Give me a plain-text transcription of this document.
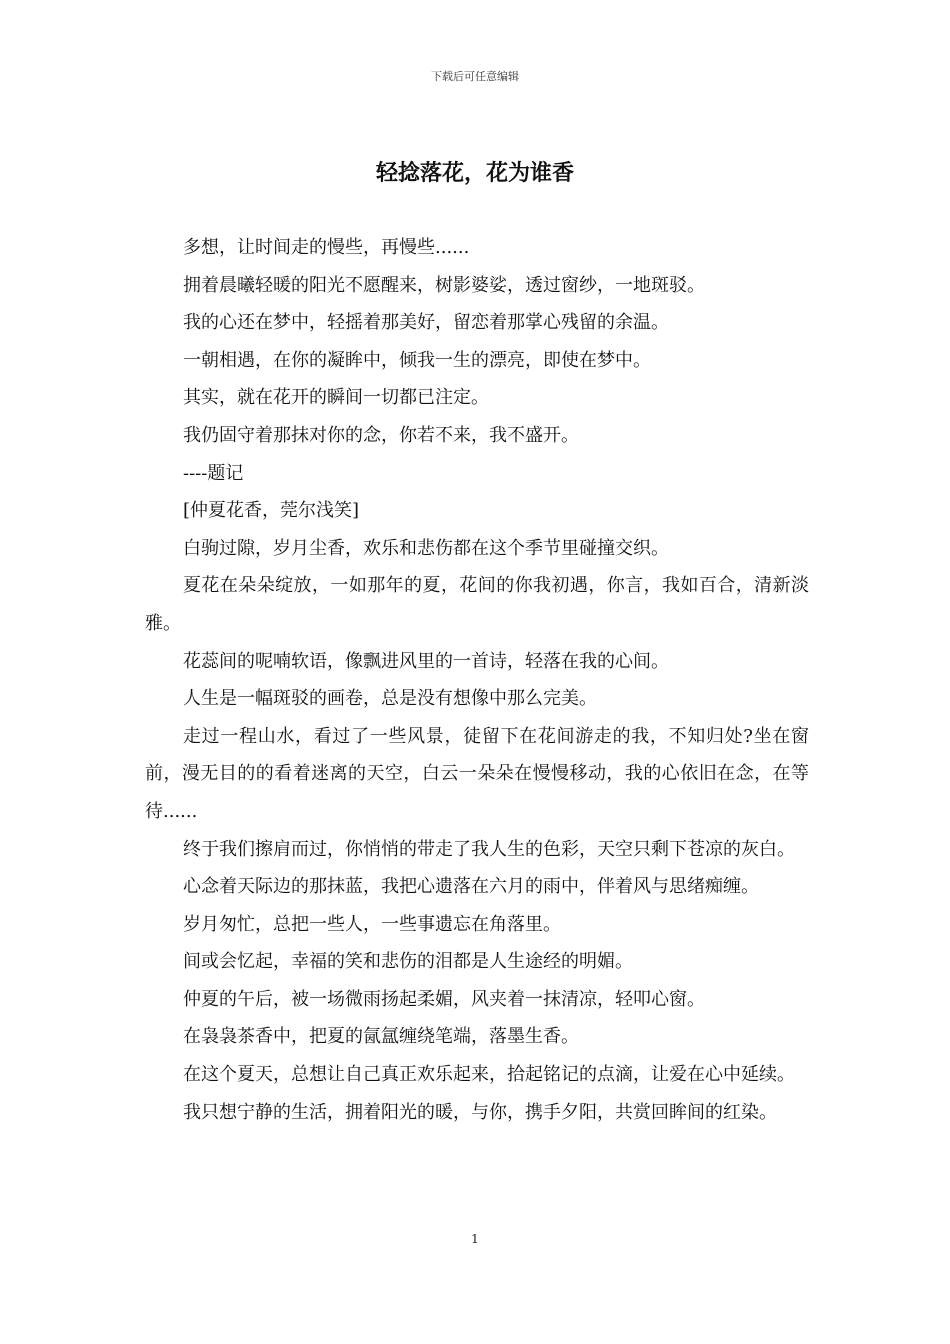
下载后可任意编辑
轻捻落花，花为谁香

多想，让时间走的慢些，再慢些......

拥着晨曦轻暖的阳光不愿醒来，树影婆娑，透过窗纱，一地斑驳。

我的心还在梦中，轻摇着那美好，留恋着那掌心残留的余温。

一朝相遇，在你的凝眸中，倾我一生的漂亮，即使在梦中。

其实，就在花开的瞬间一切都已注定。

我仍固守着那抹对你的念，你若不来，我不盛开。

----题记

[仲夏花香，莞尔浅笑]

白驹过隙，岁月尘香，欢乐和悲伤都在这个季节里碰撞交织。

夏花在朵朵绽放，一如那年的夏，花间的你我初遇，你言，我如百合，清新淡雅。

花蕊间的呢喃软语，像飘进风里的一首诗，轻落在我的心间。

人生是一幅斑驳的画卷，总是没有想像中那么完美。

走过一程山水，看过了一些风景，徒留下在花间游走的我，不知归处?坐在窗前，漫无目的的看着迷离的天空，白云一朵朵在慢慢移动，我的心依旧在念，在等待......

终于我们擦肩而过，你悄悄的带走了我人生的色彩，天空只剩下苍凉的灰白。

心念着天际边的那抹蓝，我把心遗落在六月的雨中，伴着风与思绪痴缠。

岁月匆忙，总把一些人，一些事遗忘在角落里。

间或会忆起，幸福的笑和悲伤的泪都是人生途经的明媚。

仲夏的午后，被一场微雨扬起柔媚，风夹着一抹清凉，轻叩心窗。

在袅袅茶香中，把夏的氤氲缠绕笔端，落墨生香。

在这个夏天，总想让自己真正欢乐起来，拾起铭记的点滴，让爱在心中延续。

我只想宁静的生活，拥着阳光的暖，与你，携手夕阳，共赏回眸间的红染。

1
